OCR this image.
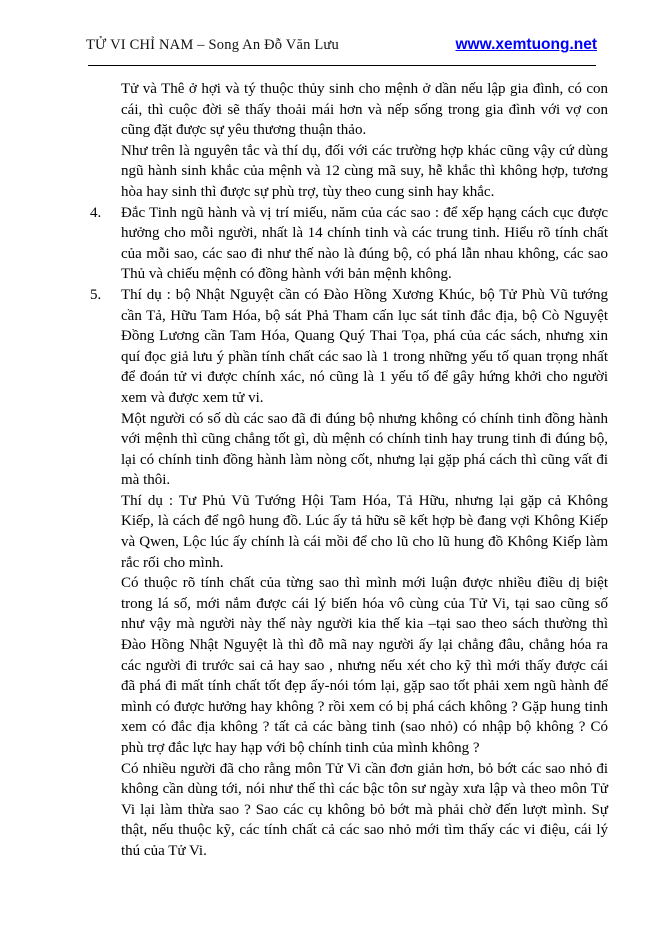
TỬ VI CHỈ NAM – Song An Đỗ Văn Lưu	www.xemtuong.net
Tử và Thê ở hợi và tý thuộc thủy sinh cho mệnh ở dần nếu lập gia đình, có con cái, thì cuộc đời sẽ thấy thoải mái hơn và nếp sống trong gia đình với vợ con cũng đặt được sự yêu thương thuận thảo.
Như trên là nguyên tắc và thí dụ, đối với các trường hợp khác cũng vậy cứ dùng ngũ hành sinh khắc của mệnh và 12 cùng mã suy, hễ khắc thì không hợp, tương hòa hay sinh thì được sự phù trợ, tùy theo cung sinh hay khắc.
4. Đắc Tinh ngũ hành và vị trí miếu, năm của các sao : để xếp hạng cách cục được hưởng cho mỗi người, nhất là 14 chính tinh và các trung tinh. Hiểu rõ tính chất của mỗi sao, các sao đi như thế nào là đúng bộ, có phá lẫn nhau không, các sao Thủ và chiếu mệnh có đồng hành với bản mệnh không.
5. Thí dụ : bộ Nhật Nguyệt cần có Đào Hồng Xương Khúc, bộ Tử Phù Vũ tướng cần Tả, Hữu Tam Hóa, bộ sát Phả Tham cấn lục sát tỉnh đắc địa, bộ Cò Nguyệt Đồng Lương cần Tam Hóa, Quang Quý Thai Tọa, phá của các sách, nhưng xin quí đọc giả lưu ý phần tính chất các sao là 1 trong những yếu tố quan trọng nhất để đoán tử vi được chính xác, nó cũng là 1 yếu tố để gây hứng khởi cho người xem và được xem tử vi.
Một người có số dù các sao đã đi đúng bộ nhưng không có chính tinh đồng hành với mệnh thì cũng chẳng tốt gì, dù mệnh có chính tinh hay trung tinh đi đúng bộ, lại có chính tinh đồng hành làm nòng cốt, nhưng lại gặp phá cách thì cũng vất đi mà thôi.
Thí dụ : Tư Phủ Vũ Tướng Hội Tam Hóa, Tả Hữu, nhưng lại gặp cả Không Kiếp, là cách để ngô hung đồ. Lúc ấy tả hữu sẽ kết hợp bè đang vợi Không Kiếp và Qwen, Lộc lúc ấy chính là cái mồi để cho lũ cho lũ hung đồ Không Kiếp làm rắc rối cho mình.
Có thuộc rõ tính chất của từng sao thì mình mới luận được nhiều điều dị biệt trong lá số, mới nắm được cái lý biến hóa vô cùng của Tử Vi, tại sao cũng số như vậy mà người này thế này người kia thế kia –tại sao theo sách thường thì Đào Hồng Nhật Nguyệt là thì đỗ mã nay người ấy lại chẳng đâu, chẳng hóa ra các người đi trước sai cả hay sao , nhưng nếu xét cho kỹ thì mới thấy được cái đã phá đi mất tính chất tốt đẹp ấy-nói tóm lại, gặp sao tốt phải xem ngũ hành để mình có được hưởng hay không ? rồi xem có bị phá cách không ? Gặp hung tinh xem có đắc địa không ? tất cả các bàng tinh (sao nhỏ) có nhập bộ không ? Có phù trợ đắc lực hay hạp với bộ chính tinh của mình không ?
Có nhiều người đã cho rằng môn Tử Vi cần đơn giản hơn, bỏ bớt các sao nhỏ đi không cần dùng tới, nói như thế thì các bậc tôn sư ngày xưa lập và theo môn Tử Vi lại làm thừa sao ? Sao các cụ không bỏ bớt mà phải chờ đến lượt mình. Sự thật, nếu thuộc kỹ, các tính chất cả các sao nhỏ mới tìm thấy các vi điệu, cái lý thú của Tử Vi.
